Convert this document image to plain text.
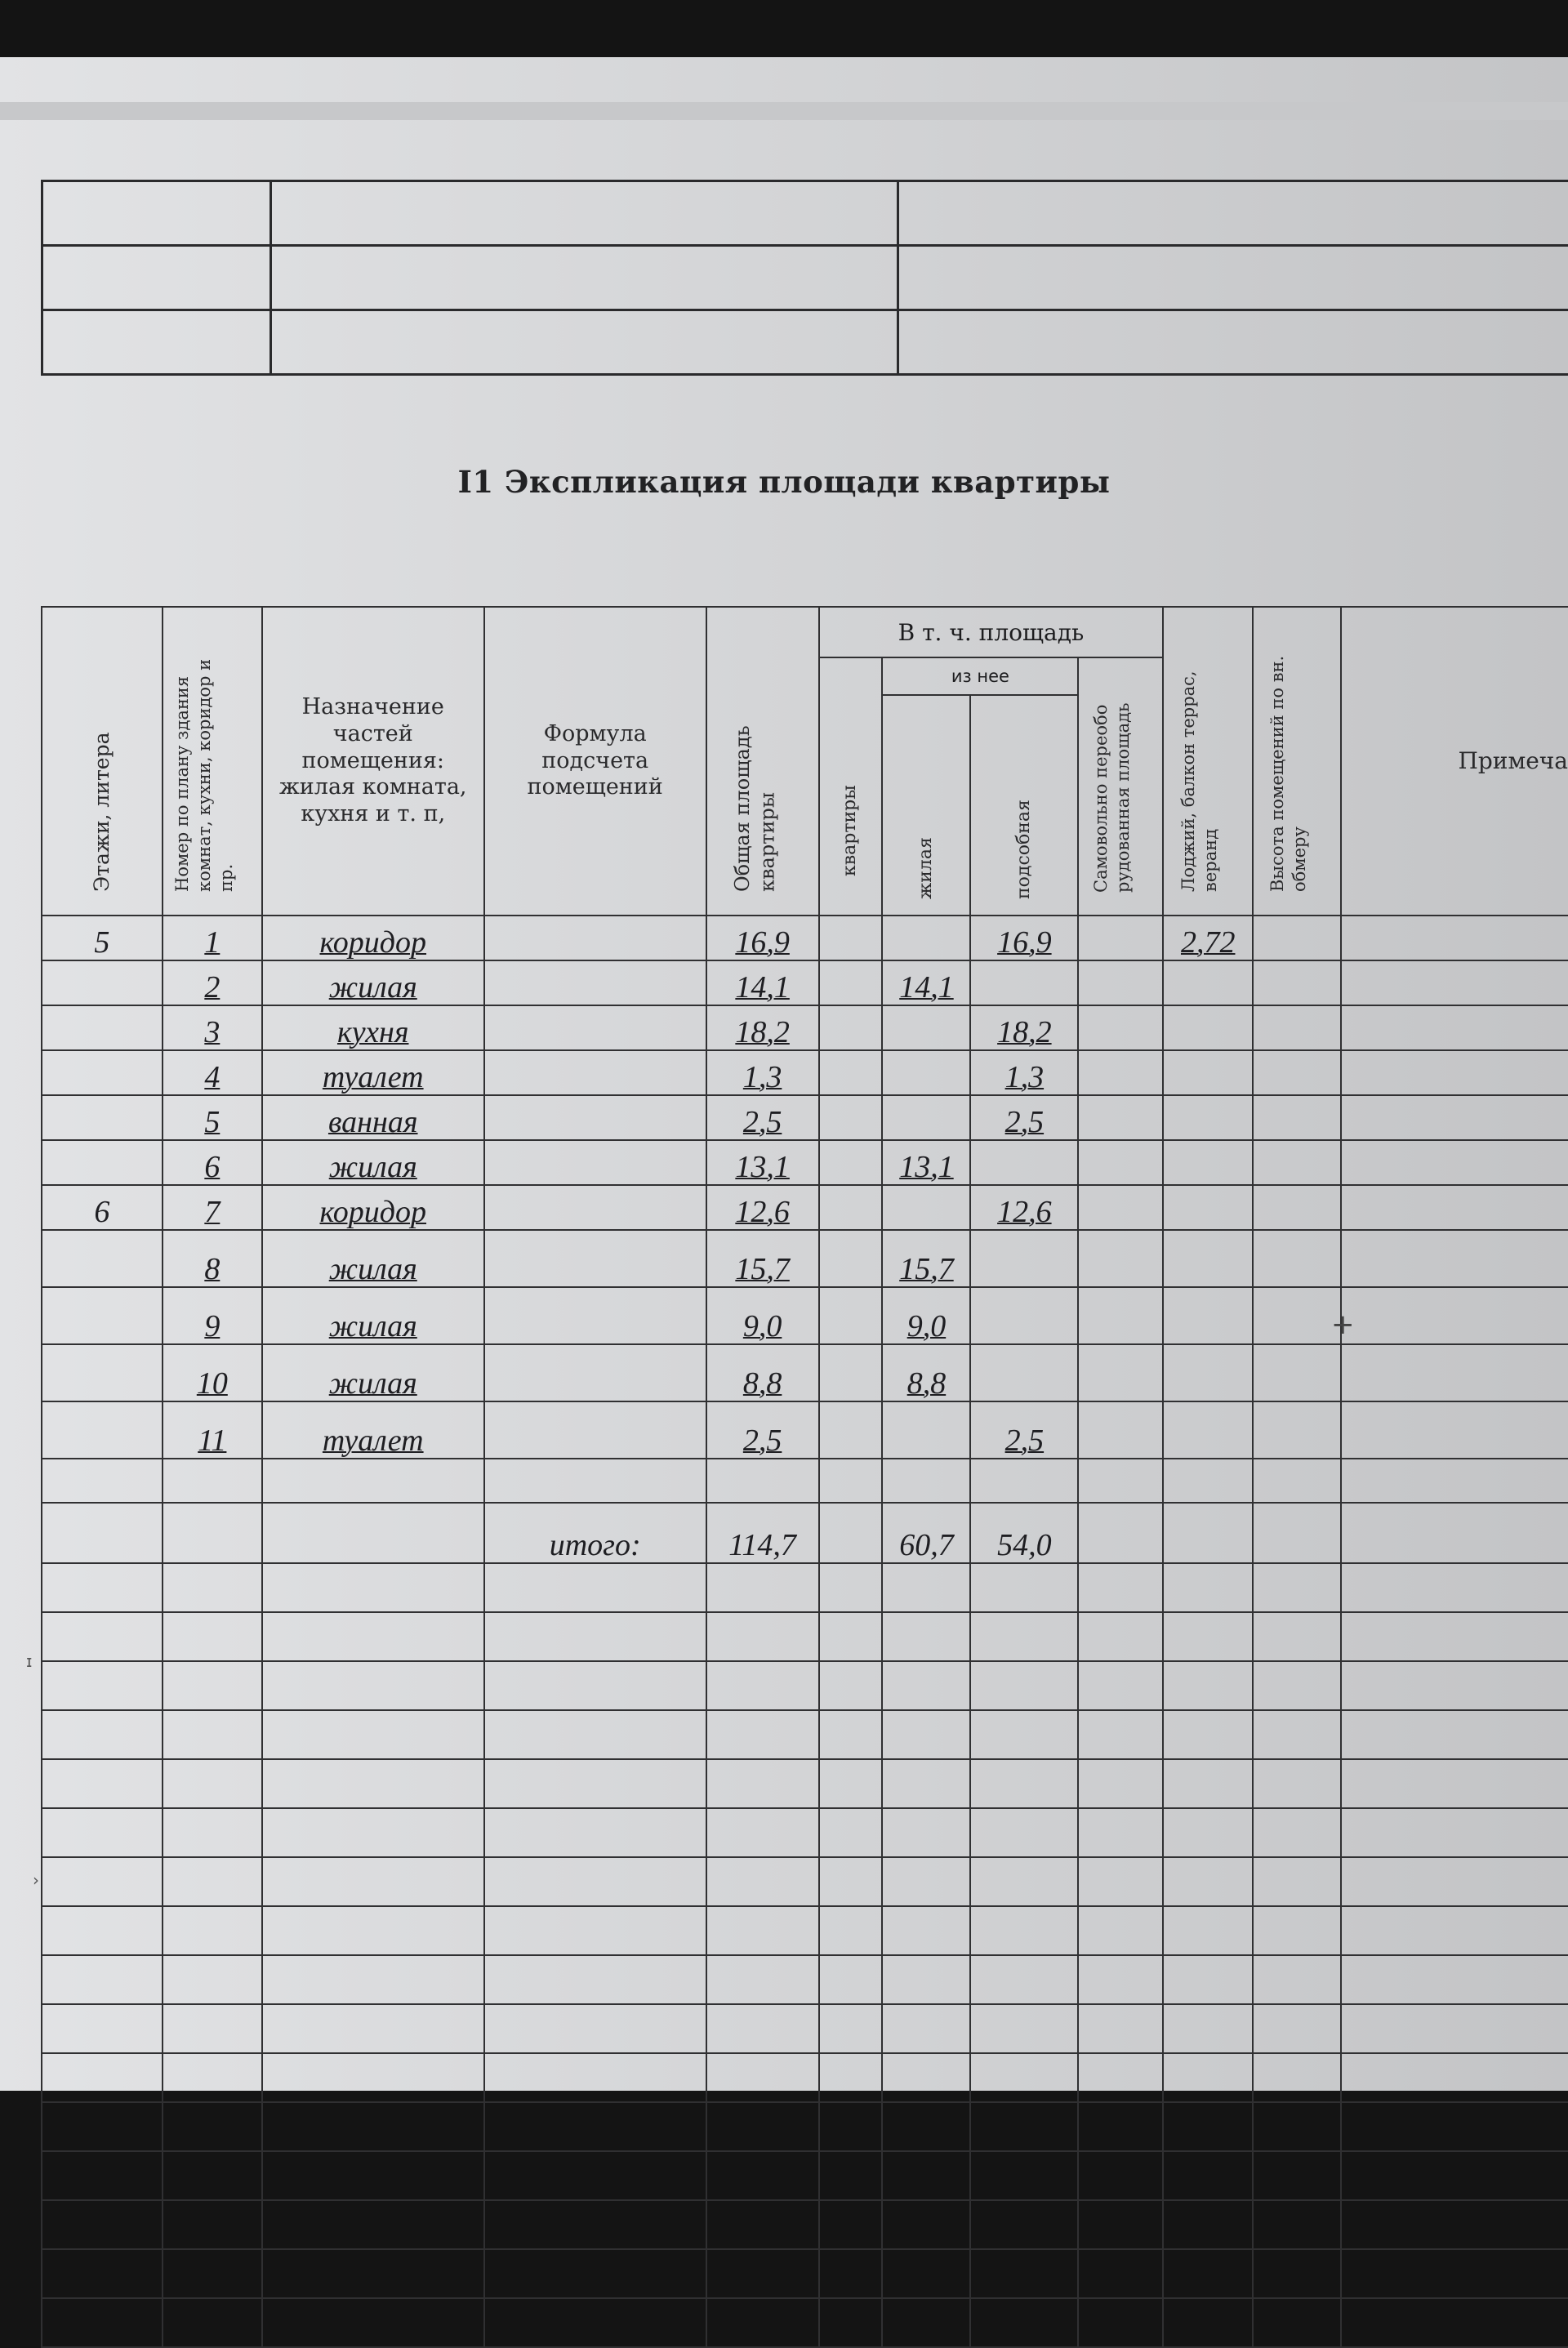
I1 Экспликация площади квартиры
Этажи, литера	Номер по плану здания комнат, кухни, коридор и пр.	Назначение частей помещения: жилая комната, кухня и т. п,	Формула подсчета помещений	Общая площадь квартиры	В т. ч. площадь				Лоджий, балкон террас, веранд	Высота помещений по вн. обмеру	Примеча

					квартиры	из нее		Самовольно переобо рудованная площадь			

						жилая	подсобная				

5	1	коридор		16,9			16,9		2,72		
	2	жилая		14,1		14,1					
	3	кухня		18,2			18,2				
	4	туалет		1,3			1,3				
	5	ванная		2,5			2,5				
	6	жилая		13,1		13,1					
6	7	коридор		12,6			12,6				
	8	жилая		15,7		15,7					
	9	жилая		9,0		9,0					
	10	жилая		8,8		8,8					
	11	туалет		2,5			2,5				

			итого:	114,7		60,7	54,0				

+
ɪ
›
